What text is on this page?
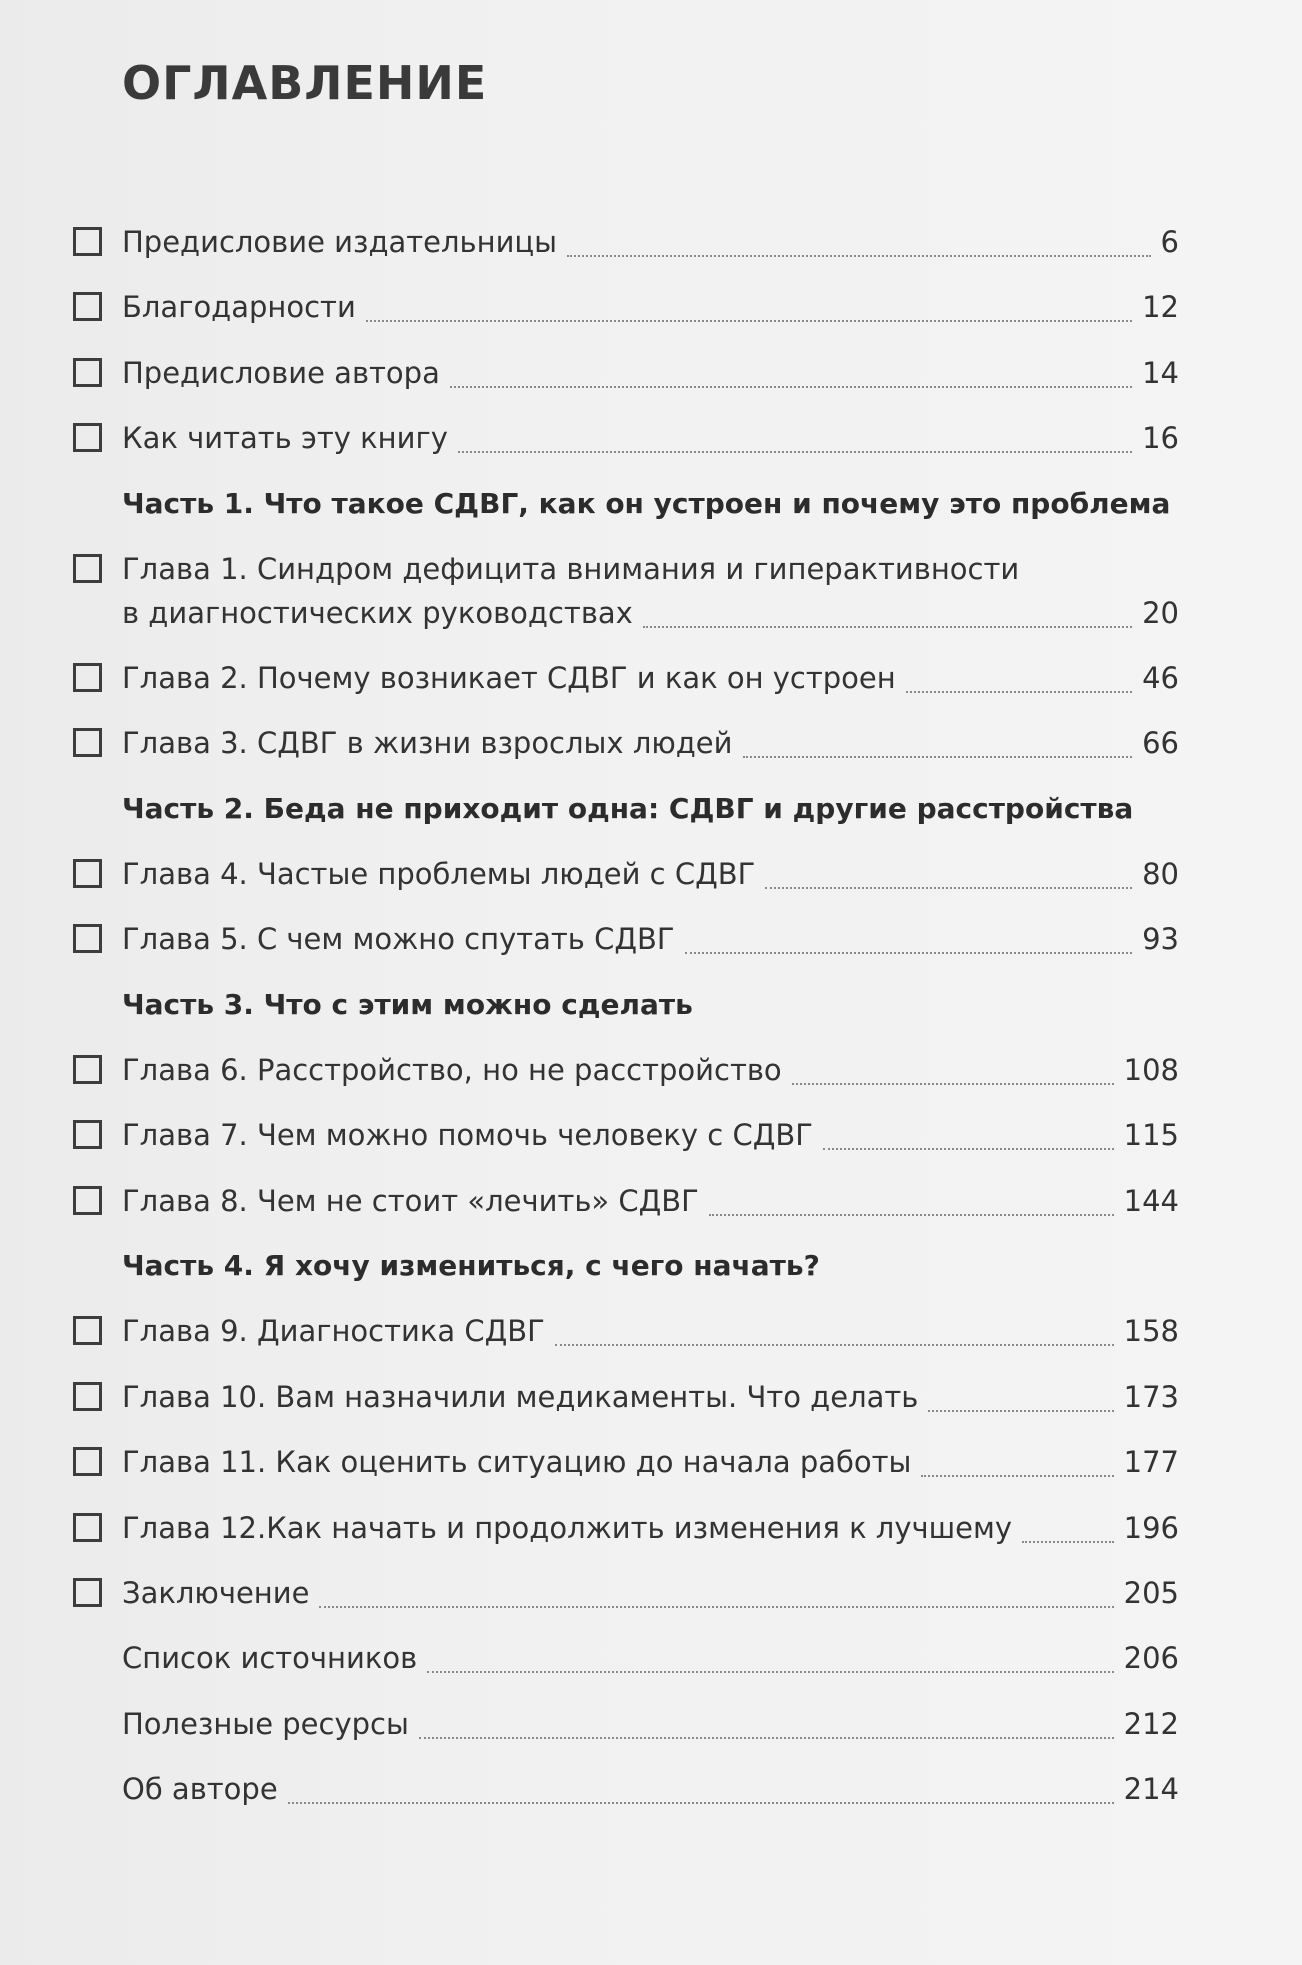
ОГЛАВЛЕНИЕ
Предисловие издательницы	6
Благодарности	12
Предисловие автора	14
Как читать эту книгу	16
Часть 1. Что такое СДВГ, как он устроен и почему это проблема
Глава 1. Синдром дефицита внимания и гиперактивности
в диагностических руководствах	20
Глава 2. Почему возникает СДВГ и как он устроен	46
Глава 3. СДВГ в жизни взрослых людей	66
Часть 2. Беда не приходит одна: СДВГ и другие расстройства
Глава 4. Частые проблемы людей с СДВГ	80
Глава 5. С чем можно спутать СДВГ	93
Часть 3. Что с этим можно сделать
Глава 6. Расстройство, но не расстройство	108
Глава 7. Чем можно помочь человеку с СДВГ	115
Глава 8. Чем не стоит «лечить» СДВГ	144
Часть 4. Я хочу измениться, с чего начать?
Глава 9. Диагностика СДВГ	158
Глава 10. Вам назначили медикаменты. Что делать	173
Глава 11. Как оценить ситуацию до начала работы	177
Глава 12.Как начать и продолжить изменения к лучшему	196
Заключение	205
Список источников	206
Полезные ресурсы	212
Об авторе	214
